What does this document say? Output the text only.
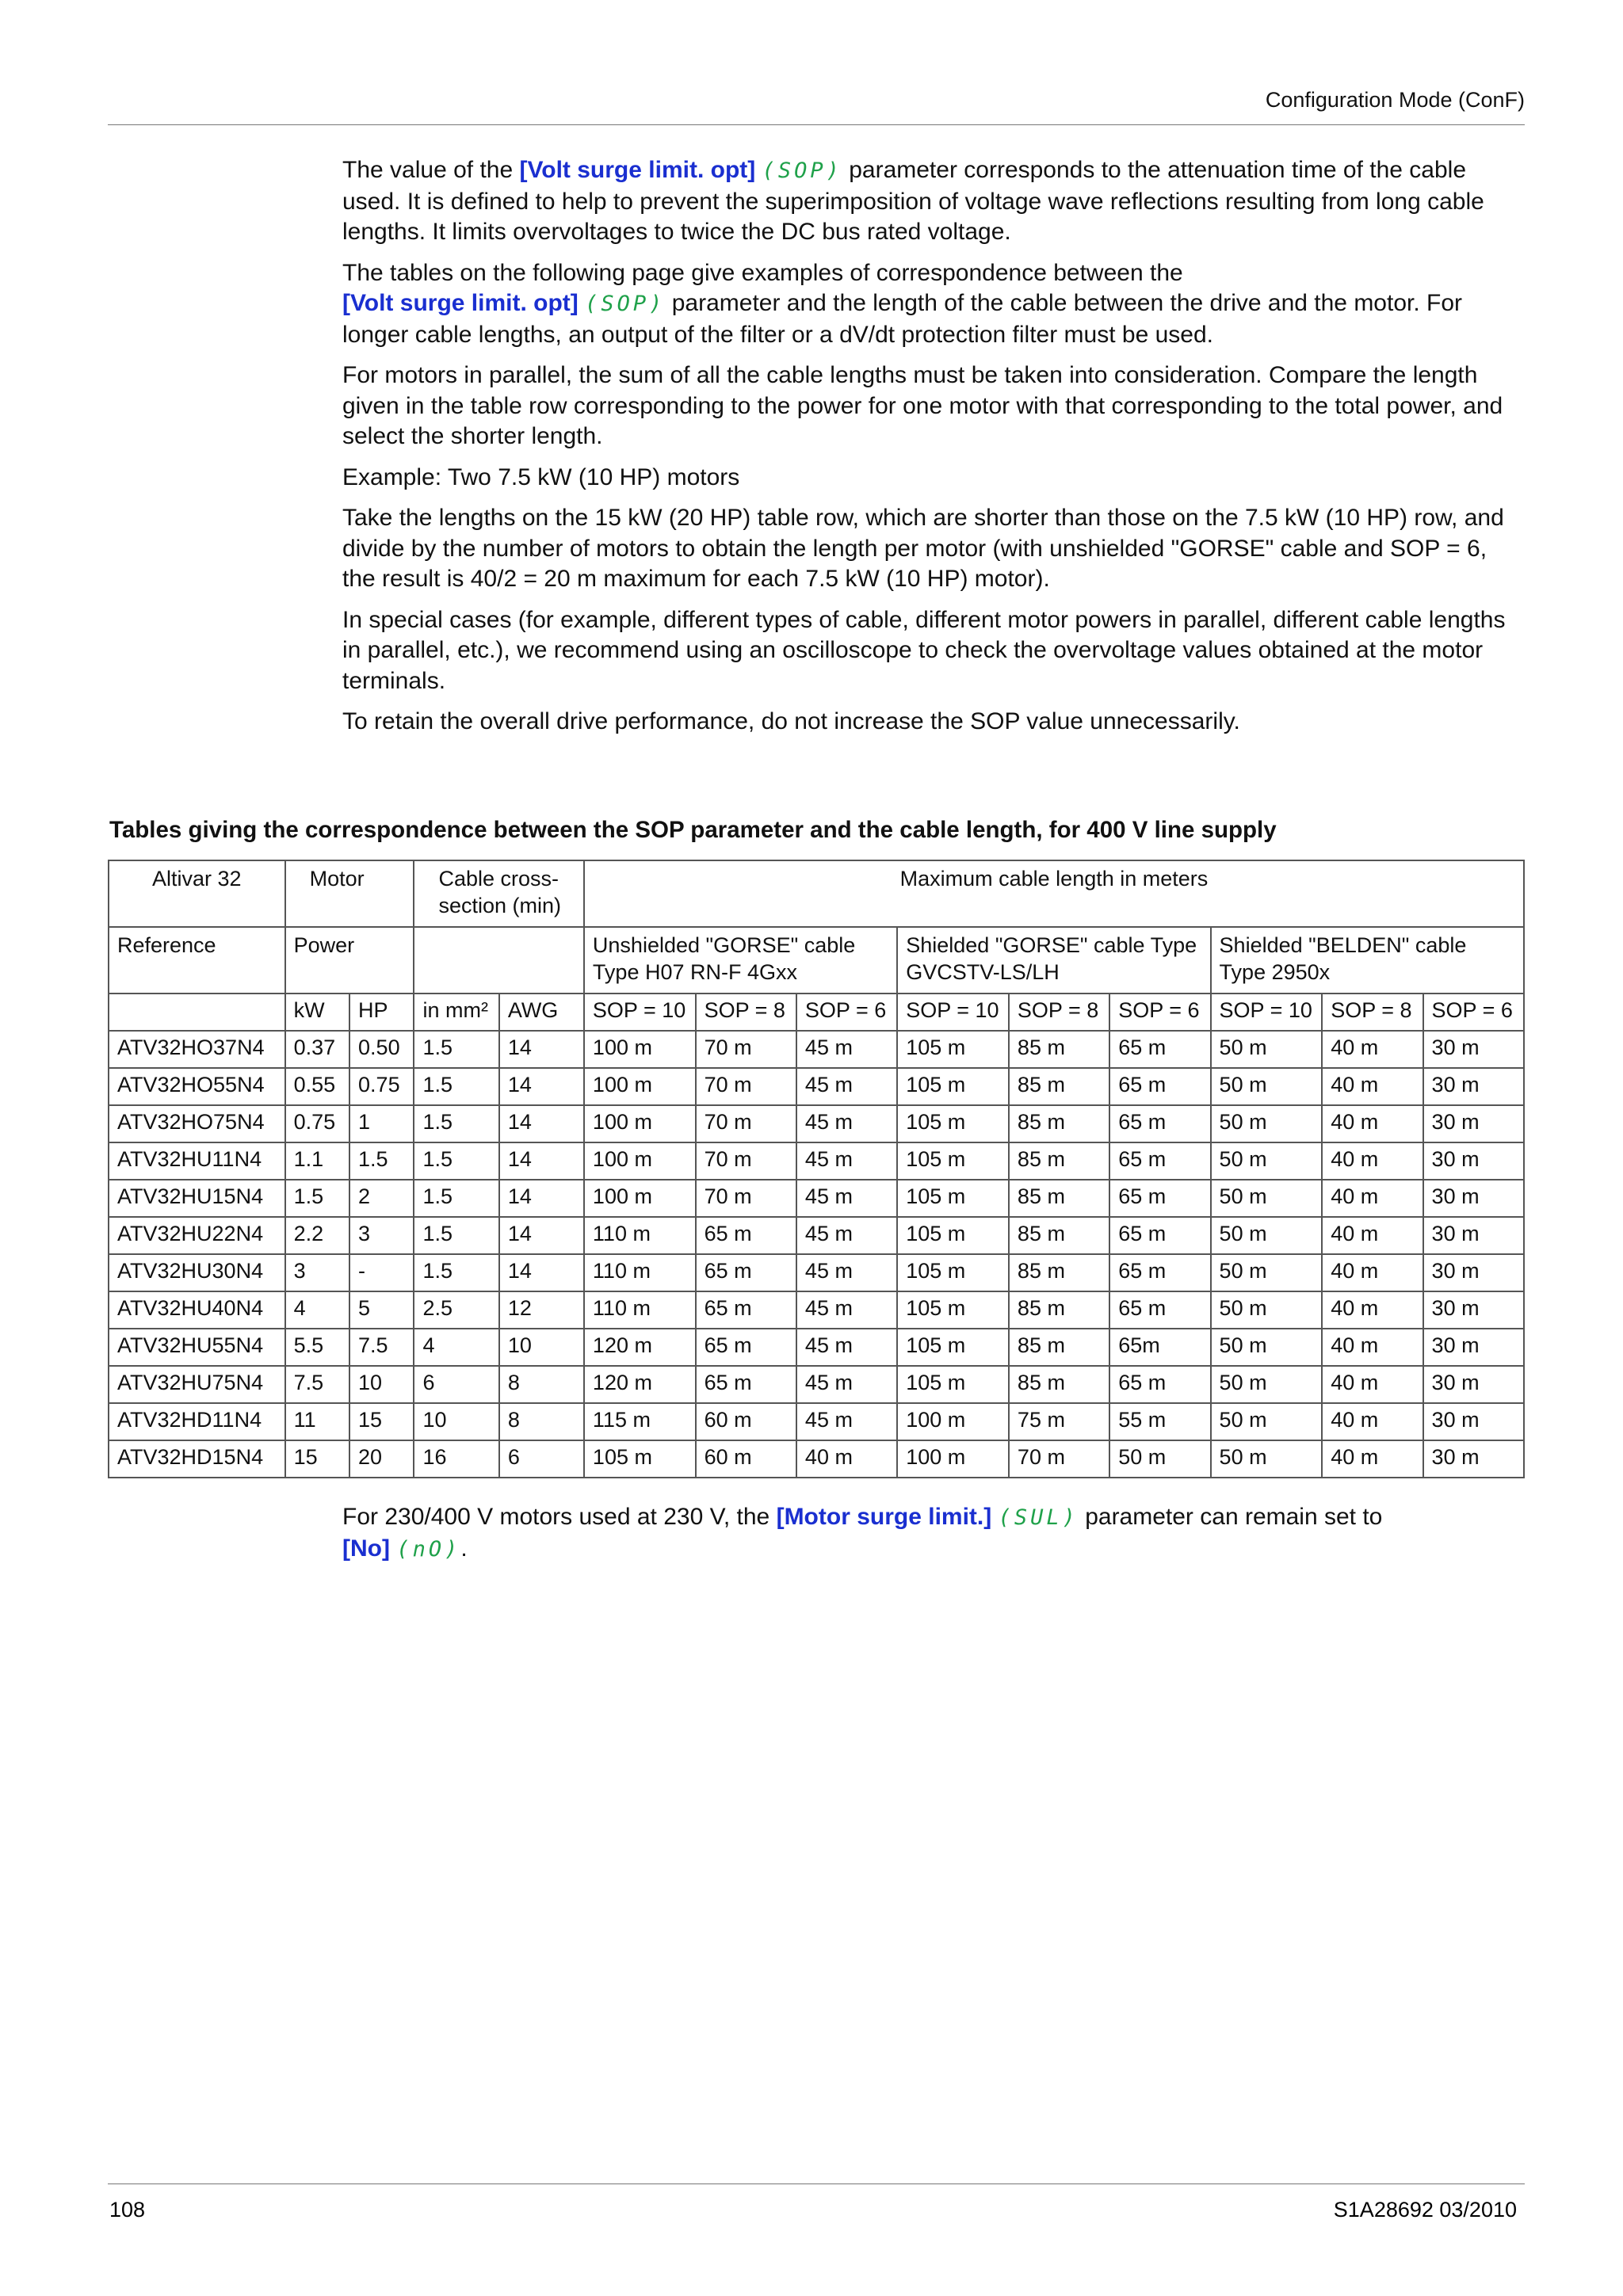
Configuration Mode (ConF)

The value of the [Volt surge limit. opt] (SOP) parameter corresponds to the attenuation time of the cable used. It is defined to help to prevent the superimposition of voltage wave reflections resulting from long cable lengths. It limits overvoltages to twice the DC bus rated voltage.

The tables on the following page give examples of correspondence between the
[Volt surge limit. opt] (SOP) parameter and the length of the cable between the drive and the motor. For longer cable lengths, an output of the filter or a dV/dt protection filter must be used.

For motors in parallel, the sum of all the cable lengths must be taken into consideration. Compare the length given in the table row corresponding to the power for one motor with that corresponding to the total power, and select the shorter length.

Example: Two 7.5 kW (10 HP) motors

Take the lengths on the 15 kW (20 HP) table row, which are shorter than those on the 7.5 kW (10 HP) row, and divide by the number of motors to obtain the length per motor (with unshielded "GORSE" cable and SOP = 6, the result is 40/2 = 20 m maximum for each 7.5 kW (10 HP) motor).

In special cases (for example, different types of cable, different motor powers in parallel, different cable lengths in parallel, etc.), we recommend using an oscilloscope to check the overvoltage values obtained at the motor terminals.

To retain the overall drive performance, do not increase the SOP value unnecessarily.

Tables giving the correspondence between the SOP parameter and the cable length, for 400 V line supply
Altivar 32	Motor		Cable cross-section (min)		Maximum cable length in meters								
Reference	Power				Unshielded "GORSE" cable Type H07 RN-F 4Gxx			Shielded "GORSE" cable Type GVCSTV-LS/LH			Shielded "BELDEN" cable Type 2950x		
	kW	HP	in mm²	AWG	SOP = 10	SOP = 8	SOP = 6	SOP = 10	SOP = 8	SOP = 6	SOP = 10	SOP = 8	SOP = 6
ATV32HO37N4	0.37	0.50	1.5	14	100 m	70 m	45 m	105 m	85 m	65 m	50 m	40 m	30 m
ATV32HO55N4	0.55	0.75	1.5	14	100 m	70 m	45 m	105 m	85 m	65 m	50 m	40 m	30 m
ATV32HO75N4	0.75	1	1.5	14	100 m	70 m	45 m	105 m	85 m	65 m	50 m	40 m	30 m
ATV32HU11N4	1.1	1.5	1.5	14	100 m	70 m	45 m	105 m	85 m	65 m	50 m	40 m	30 m
ATV32HU15N4	1.5	2	1.5	14	100 m	70 m	45 m	105 m	85 m	65 m	50 m	40 m	30 m
ATV32HU22N4	2.2	3	1.5	14	110 m	65 m	45 m	105 m	85 m	65 m	50 m	40 m	30 m
ATV32HU30N4	3	-	1.5	14	110 m	65 m	45 m	105 m	85 m	65 m	50 m	40 m	30 m
ATV32HU40N4	4	5	2.5	12	110 m	65 m	45 m	105 m	85 m	65 m	50 m	40 m	30 m
ATV32HU55N4	5.5	7.5	4	10	120 m	65 m	45 m	105 m	85 m	65m	50 m	40 m	30 m
ATV32HU75N4	7.5	10	6	8	120 m	65 m	45 m	105 m	85 m	65 m	50 m	40 m	30 m
ATV32HD11N4	11	15	10	8	115 m	60 m	45 m	100 m	75 m	55 m	50 m	40 m	30 m
ATV32HD15N4	15	20	16	6	105 m	60 m	40 m	100 m	70 m	50 m	50 m	40 m	30 m
For 230/400 V motors used at 230 V, the [Motor surge limit.] (SUL) parameter can remain set to
[No] (nO).
108	S1A28692 03/2010
